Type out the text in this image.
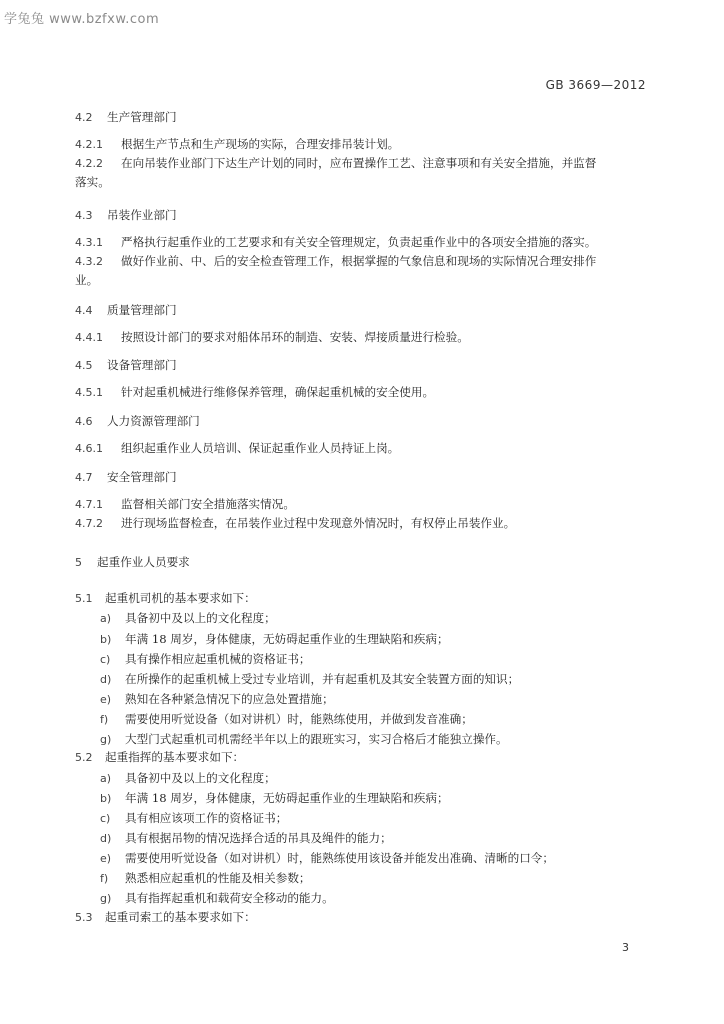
学兔兔 www.bzfxw.com
GB 3669—2012
4.2 生产管理部门
4.2.1 根据生产节点和生产现场的实际，合理安排吊装计划。
4.2.2 在向吊装作业部门下达生产计划的同时，应布置操作工艺、注意事项和有关安全措施，并监督
落实。
4.3 吊装作业部门
4.3.1 严格执行起重作业的工艺要求和有关安全管理规定，负责起重作业中的各项安全措施的落实。
4.3.2 做好作业前、中、后的安全检查管理工作，根据掌握的气象信息和现场的实际情况合理安排作
业。
4.4 质量管理部门
4.4.1 按照设计部门的要求对船体吊环的制造、安装、焊接质量进行检验。
4.5 设备管理部门
4.5.1 针对起重机械进行维修保养管理，确保起重机械的安全使用。
4.6 人力资源管理部门
4.6.1 组织起重作业人员培训、保证起重作业人员持证上岗。
4.7 安全管理部门
4.7.1 监督相关部门安全措施落实情况。
4.7.2 进行现场监督检查，在吊装作业过程中发现意外情况时，有权停止吊装作业。
5 起重作业人员要求
5.1 起重机司机的基本要求如下：
a) 具备初中及以上的文化程度；
b) 年满 18 周岁，身体健康，无妨碍起重作业的生理缺陷和疾病；
c) 具有操作相应起重机械的资格证书；
d) 在所操作的起重机械上受过专业培训，并有起重机及其安全装置方面的知识；
e) 熟知在各种紧急情况下的应急处置措施；
f) 需要使用听觉设备（如对讲机）时，能熟练使用，并做到发音准确；
g) 大型门式起重机司机需经半年以上的跟班实习，实习合格后才能独立操作。
5.2 起重指挥的基本要求如下：
a) 具备初中及以上的文化程度；
b) 年满 18 周岁，身体健康，无妨碍起重作业的生理缺陷和疾病；
c) 具有相应该项工作的资格证书；
d) 具有根据吊物的情况选择合适的吊具及绳件的能力；
e) 需要使用听觉设备（如对讲机）时，能熟练使用该设备并能发出准确、清晰的口令；
f) 熟悉相应起重机的性能及相关参数；
g) 具有指挥起重机和载荷安全移动的能力。
5.3 起重司索工的基本要求如下：
3
